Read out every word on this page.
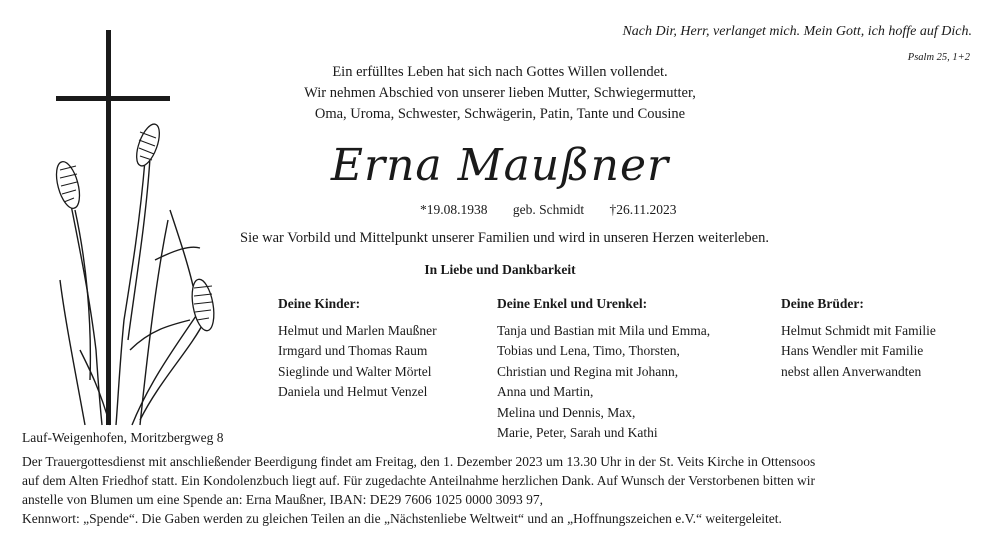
Nach Dir, Herr, verlanget mich. Mein Gott, ich hoffe auf Dich.
Psalm 25, 1+2
Ein erfülltes Leben hat sich nach Gottes Willen vollendet.
Wir nehmen Abschied von unserer lieben Mutter, Schwiegermutter,
Oma, Uroma, Schwester, Schwägerin, Patin, Tante und Cousine
Erna Maußner
*19.08.1938 geb. Schmidt †26.11.2023
Sie war Vorbild und Mittelpunkt unserer Familien und wird in unseren Herzen weiterleben.
In Liebe und Dankbarkeit
Deine Kinder:
Helmut und Marlen Maußner
Irmgard und Thomas Raum
Sieglinde und Walter Mörtel
Daniela und Helmut Venzel
Deine Enkel und Urenkel:
Tanja und Bastian mit Mila und Emma,
Tobias und Lena, Timo, Thorsten,
Christian und Regina mit Johann,
Anna und Martin,
Melina und Dennis, Max,
Marie, Peter, Sarah und Kathi
Deine Brüder:
Helmut Schmidt mit Familie
Hans Wendler mit Familie
nebst allen Anverwandten
Lauf-Weigenhofen, Moritzbergweg 8
Der Trauergottesdienst mit anschließender Beerdigung findet am Freitag, den 1. Dezember 2023 um 13.30 Uhr in der St. Veits Kirche in Ottensoos
auf dem Alten Friedhof statt. Ein Kondolenzbuch liegt auf. Für zugedachte Anteilnahme herzlichen Dank. Auf Wunsch der Verstorbenen bitten wir
anstelle von Blumen um eine Spende an: Erna Maußner, IBAN: DE29 7606 1025 0000 3093 97,
Kennwort: „Spende“. Die Gaben werden zu gleichen Teilen an die „Nächstenliebe Weltweit“ und an „Hoffnungszeichen e.V.“ weitergeleitet.
